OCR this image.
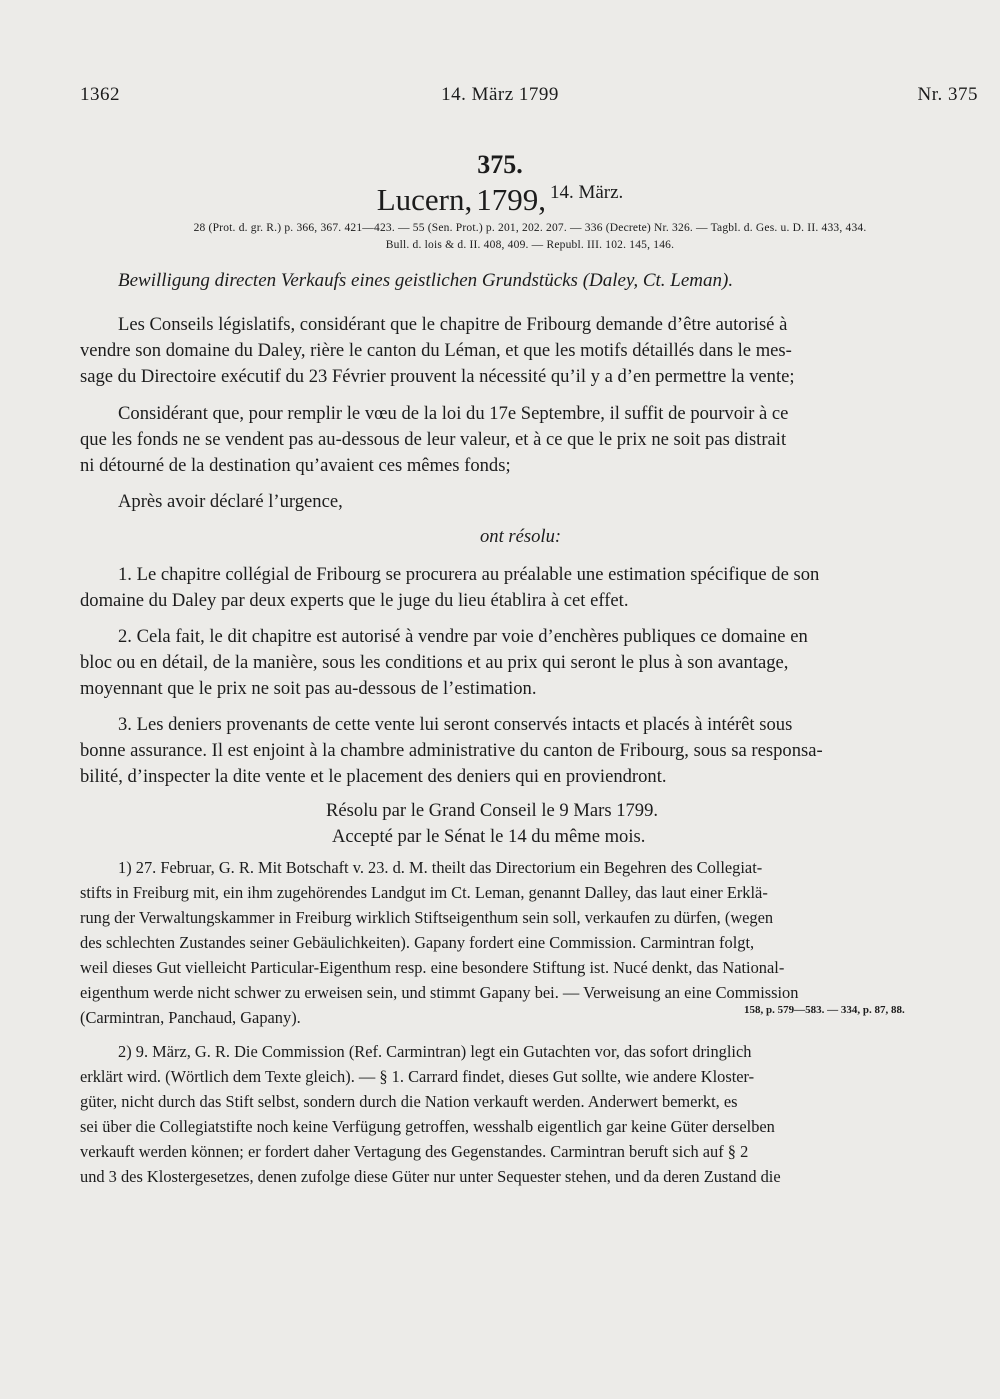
1362	14. März 1799	Nr. 375
375.
Lucern, 1799, 14. März.
28 (Prot. d. gr. R.) p. 366, 367. 421—423. — 55 (Sen. Prot.) p. 201, 202. 207. — 336 (Decrete) Nr. 326. — Tagbl. d. Ges. u. D. II. 433, 434.
Bull. d. lois & d. II. 408, 409. — Republ. III. 102. 145, 146.
Bewilligung directen Verkaufs eines geistlichen Grundstücks (Daley, Ct. Leman).
Les Conseils législatifs, considérant que le chapitre de Fribourg demande d’être autorisé à
vendre son domaine du Daley, rière le canton du Léman, et que les motifs détaillés dans le mes-
sage du Directoire exécutif du 23 Février prouvent la nécessité qu’il y a d’en permettre la vente;
Considérant que, pour remplir le vœu de la loi du 17e Septembre, il suffit de pourvoir à ce
que les fonds ne se vendent pas au-dessous de leur valeur, et à ce que le prix ne soit pas distrait
ni détourné de la destination qu’avaient ces mêmes fonds;
Après avoir déclaré l’urgence,
ont résolu:
1. Le chapitre collégial de Fribourg se procurera au préalable une estimation spécifique de son
domaine du Daley par deux experts que le juge du lieu établira à cet effet.
2. Cela fait, le dit chapitre est autorisé à vendre par voie d’enchères publiques ce domaine en
bloc ou en détail, de la manière, sous les conditions et au prix qui seront le plus à son avantage,
moyennant que le prix ne soit pas au-dessous de l’estimation.
3. Les deniers provenants de cette vente lui seront conservés intacts et placés à intérêt sous
bonne assurance. Il est enjoint à la chambre administrative du canton de Fribourg, sous sa responsa-
bilité, d’inspecter la dite vente et le placement des deniers qui en proviendront.
Résolu par le Grand Conseil le 9 Mars 1799.
Accepté par le Sénat le 14 du même mois.
1) 27. Februar, G. R. Mit Botschaft v. 23. d. M. theilt das Directorium ein Begehren des Collegiat-
stifts in Freiburg mit, ein ihm zugehörendes Landgut im Ct. Leman, genannt Dalley, das laut einer Erklä-
rung der Verwaltungskammer in Freiburg wirklich Stiftseigenthum sein soll, verkaufen zu dürfen, (wegen
des schlechten Zustandes seiner Gebäulichkeiten). Gapany fordert eine Commission. Carmintran folgt,
weil dieses Gut vielleicht Particular-Eigenthum resp. eine besondere Stiftung ist. Nucé denkt, das National-
eigenthum werde nicht schwer zu erweisen sein, und stimmt Gapany bei. — Verweisung an eine Commission
(Carmintran, Panchaud, Gapany).	158, p. 579—583. — 334, p. 87, 88.
2) 9. März, G. R. Die Commission (Ref. Carmintran) legt ein Gutachten vor, das sofort dringlich
erklärt wird. (Wörtlich dem Texte gleich). — § 1. Carrard findet, dieses Gut sollte, wie andere Kloster-
güter, nicht durch das Stift selbst, sondern durch die Nation verkauft werden. Anderwert bemerkt, es
sei über die Collegiatstifte noch keine Verfügung getroffen, wesshalb eigentlich gar keine Güter derselben
verkauft werden können; er fordert daher Vertagung des Gegenstandes. Carmintran beruft sich auf § 2
und 3 des Klostergesetzes, denen zufolge diese Güter nur unter Sequester stehen, und da deren Zustand die
